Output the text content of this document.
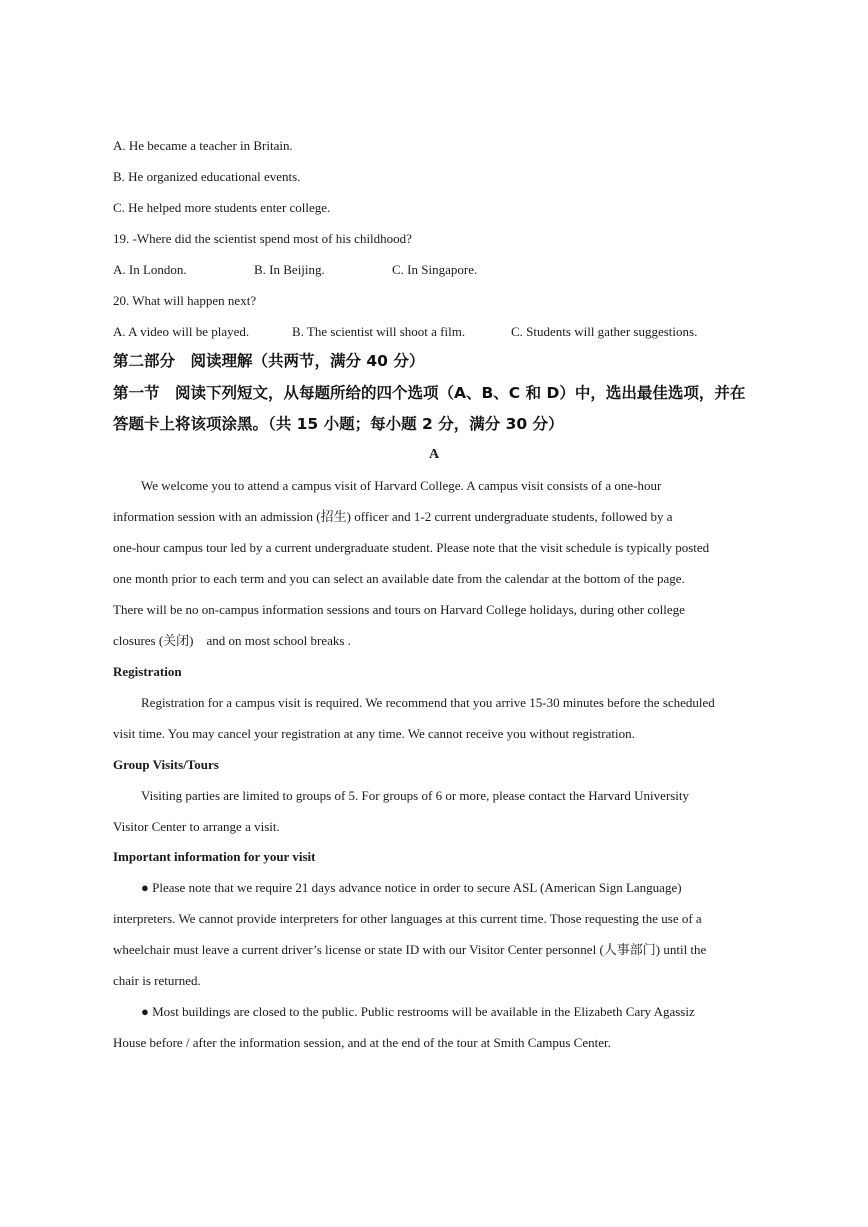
A. He became a teacher in Britain.
B. He organized educational events.
C. He helped more students enter college.
19. -Where did the scientist spend most of his childhood?
A. In London.	B. In Beijing.	C. In Singapore.
20. What will happen next?
A. A video will be played.	B. The scientist will shoot a film.	C. Students will gather suggestions.
第二部分　阅读理解（共两节，满分 40 分）
第一节　阅读下列短文，从每题所给的四个选项（A、B、C 和 D）中，选出最佳选项，并在
答题卡上将该项涂黑。（共 15 小题；每小题 2 分，满分 30 分）
A
We welcome you to attend a campus visit of Harvard College. A campus visit consists of a one-hour
information session with an admission (招生) officer and 1-2 current undergraduate students, followed by a
one-hour campus tour led by a current undergraduate student. Please note that the visit schedule is typically posted
one month prior to each term and you can select an available date from the calendar at the bottom of the page.
There will be no on-campus information sessions and tours on Harvard College holidays, during other college
closures (关闭)　and on most school breaks .
Registration
Registration for a campus visit is required. We recommend that you arrive 15-30 minutes before the scheduled
visit time. You may cancel your registration at any time. We cannot receive you without registration.
Group Visits/Tours
Visiting parties are limited to groups of 5. For groups of 6 or more, please contact the Harvard University
Visitor Center to arrange a visit.
Important information for your visit
● Please note that we require 21 days advance notice in order to secure ASL (American Sign Language)
interpreters. We cannot provide interpreters for other languages at this current time. Those requesting the use of a
wheelchair must leave a current driver’s license or state ID with our Visitor Center personnel (人事部门) until the
chair is returned.
● Most buildings are closed to the public. Public restrooms will be available in the Elizabeth Cary Agassiz
House before / after the information session, and at the end of the tour at Smith Campus Center.
